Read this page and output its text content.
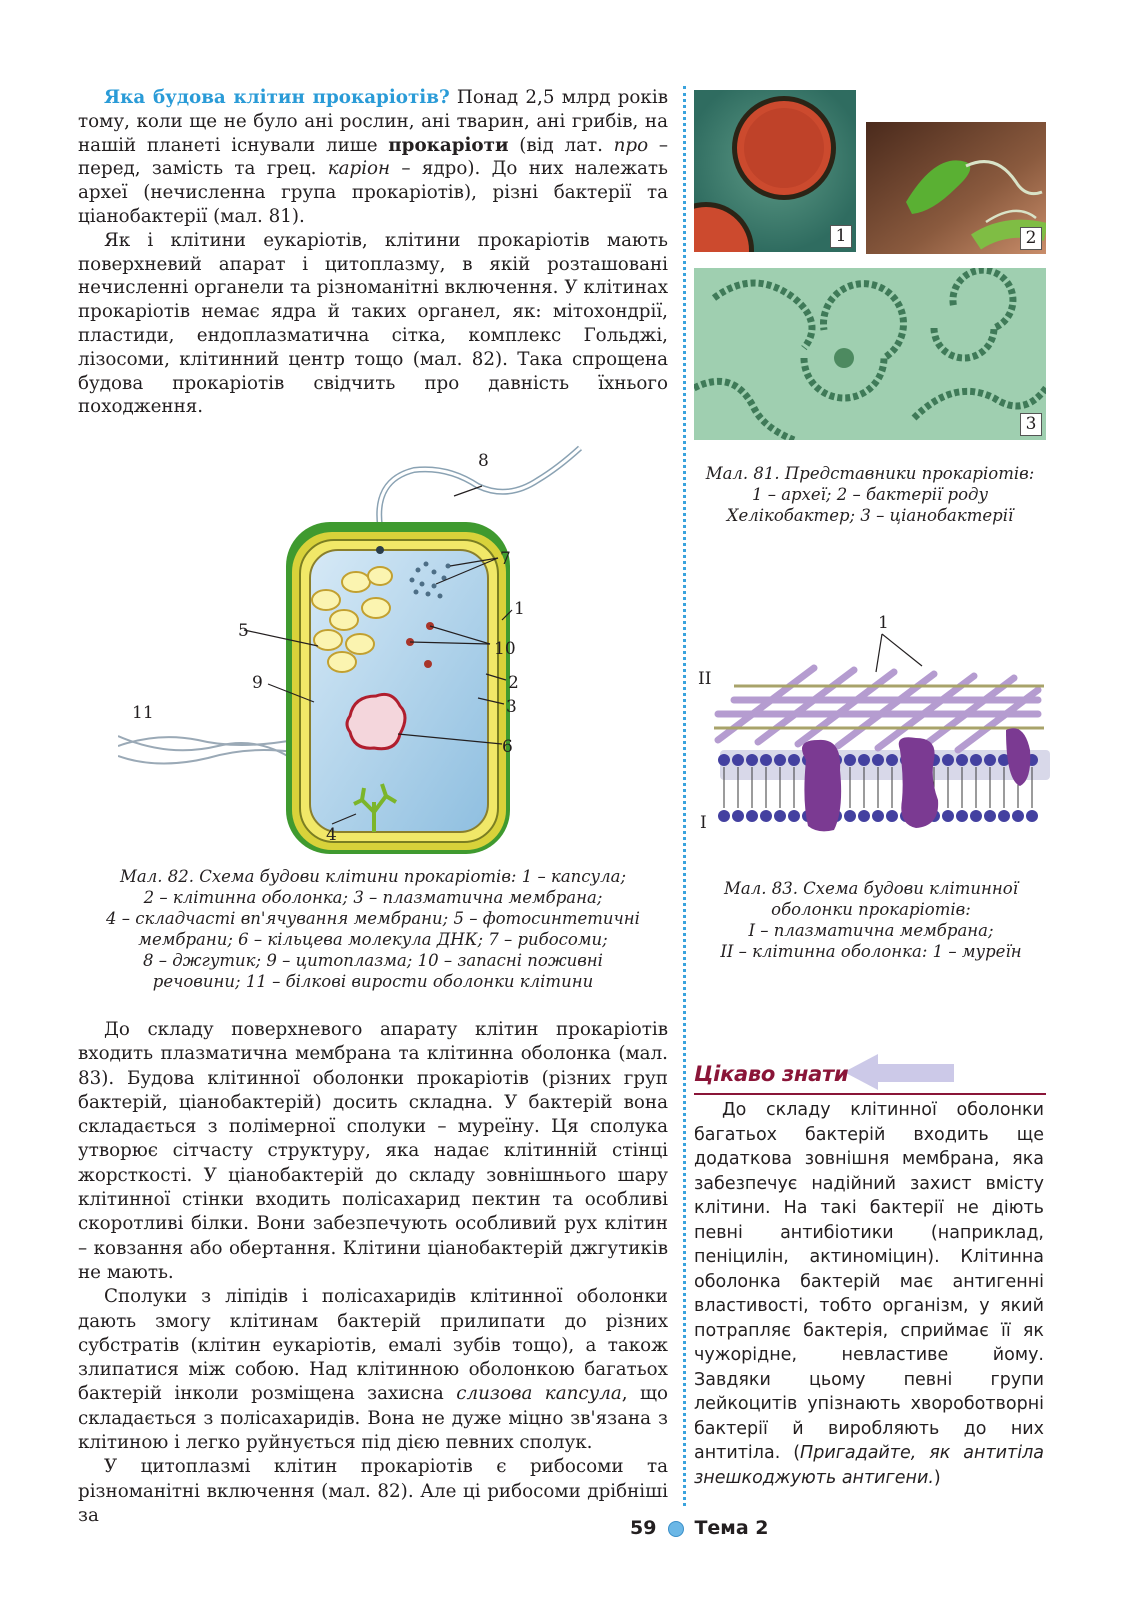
Яка будова клітин прокаріотів? Понад 2,5 млрд років тому, коли ще не було ані рослин, ані тварин, ані грибів, на нашій планеті існували лише прокаріоти (від лат. про – перед, замість та грец. каріон – ядро). До них належать археї (нечисленна група прокаріотів), різні бактерії та ціанобактерії (мал. 81).

Як і клітини еукаріотів, клітини прокаріотів мають поверхневий апарат і цитоплазму, в якій розташовані нечисленні органели та різноманітні включення. У клітинах прокаріотів немає ядра й таких органел, як: мітохондрії, пластиди, ендоплазматична сітка, комплекс Гольджі, лізосоми, клітинний центр тощо (мал. 82). Така спрощена будова прокаріотів свідчить про давність їхнього походження.

1	2
3
Мал. 81. Представники прокаріотів:
1 – археї; 2 – бактерії роду
Хелікобактер; 3 – ціанобактерії
8
7
1
5
10
9	2
11	3
6
4
Мал. 82. Схема будови клітини прокаріотів: 1 – капсула;
2 – клітинна оболонка; 3 – плазматична мембрана;
4 – складчасті вп'ячування мембрани; 5 – фотосинтетичні
мембрани; 6 – кільцева молекула ДНК; 7 – рибосоми;
8 – джгутик; 9 – цитоплазма; 10 – запасні поживні
речовини; 11 – білкові вирости оболонки клітини
1
II
I
Мал. 83. Схема будови клітинної
оболонки прокаріотів:
I – плазматична мембрана;
II – клітинна оболонка: 1 – муреїн

До складу поверхневого апарату клітин прокаріотів входить плазматична мембрана та клітинна оболонка (мал. 83). Будова клітинної оболонки прокаріотів (різних груп бактерій, ціанобактерій) досить складна. У бактерій вона складається з полімерної сполуки – муреїну. Ця сполука утворює сітчасту структуру, яка надає клітинній стінці жорсткості. У ціанобактерій до складу зовнішнього шару клітинної стінки входить полісахарид пектин та особливі скоротливі білки. Вони забезпечують особливий рух клітин – ковзання або обертання. Клітини ціанобактерій джгутиків не мають.

Сполуки з ліпідів і полісахаридів клітинної оболонки дають змогу клітинам бактерій прилипати до різних субстратів (клітин еукаріотів, емалі зубів тощо), а також злипатися між собою. Над клітинною оболонкою багатьох бактерій інколи розміщена захисна слизова капсула, що складається з полісахаридів. Вона не дуже міцно зв'язана з клітиною і легко руйнується під дією певних сполук.

У цитоплазмі клітин прокаріотів є рибосоми та різноманітні включення (мал. 82). Але ці рибосоми дрібніші за

Цікаво знати

До складу клітинної оболонки багатьох бактерій входить ще додаткова зовнішня мембрана, яка забезпечує надійний захист вмісту клітини. На такі бактерії не діють певні антибіотики (наприклад, пеніцилін, актиноміцин). Клітинна оболонка бактерій має антигенні властивості, тобто організм, у який потрапляє бактерія, сприймає її як чужорідне, невластиве йому. Завдяки цьому певні групи лейкоцитів упізнають хвороботворні бактерії й виробляють до них антитіла. (Пригадайте, як антитіла знешкоджують антигени.)

59 Тема 2
